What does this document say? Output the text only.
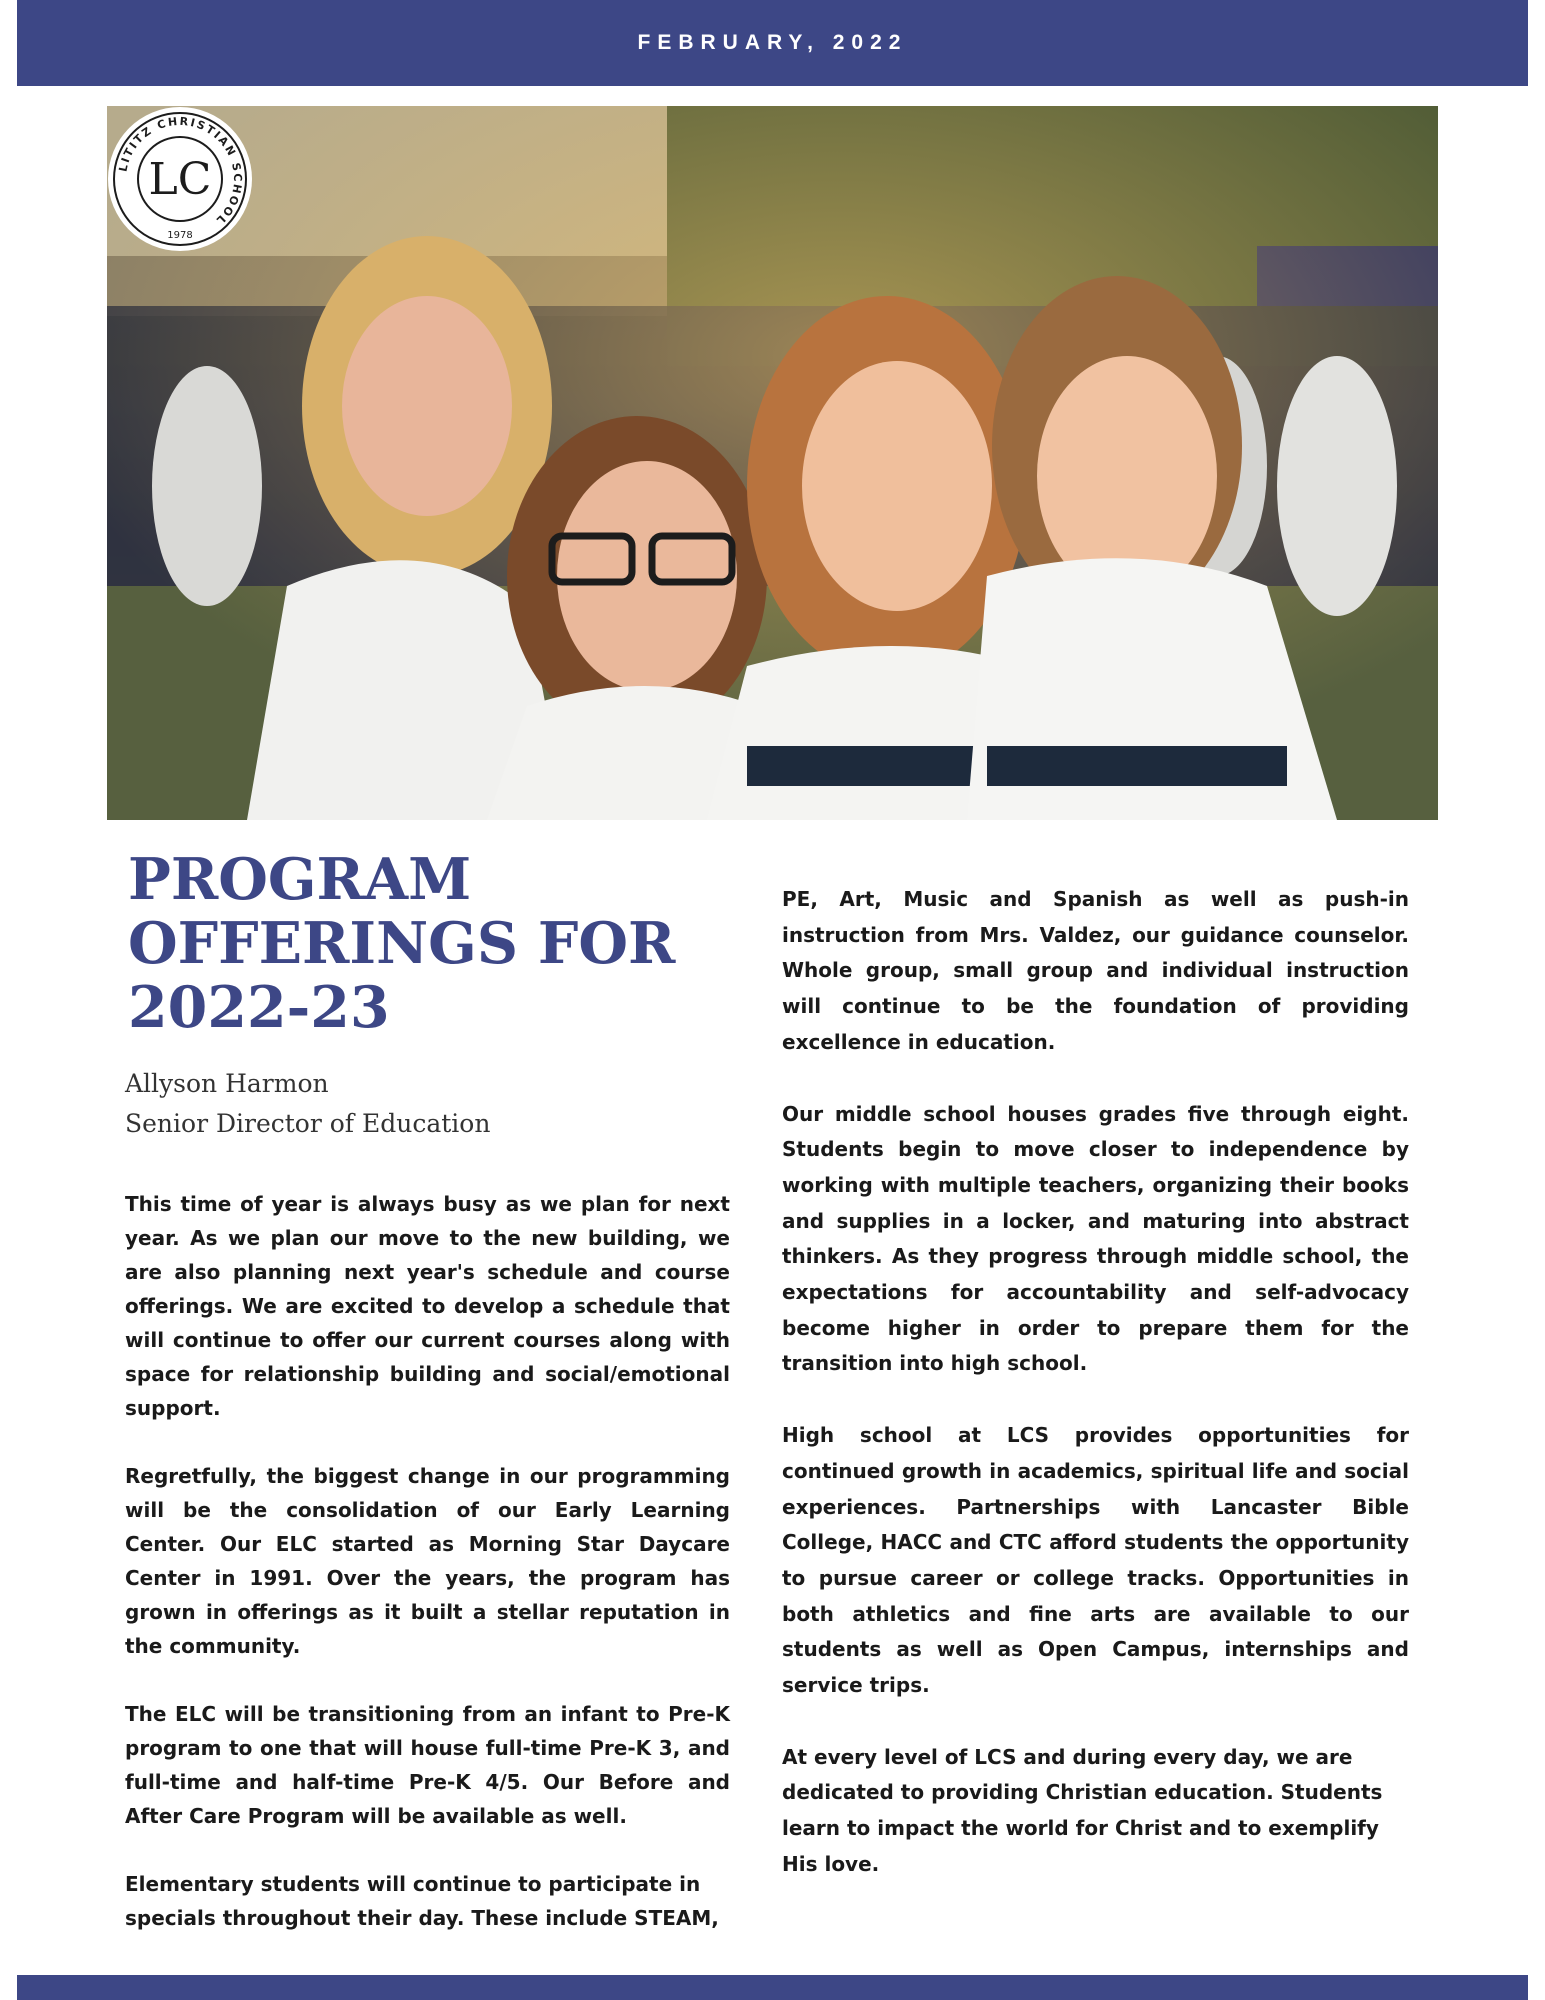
FEBRUARY, 2022
LITITZ CHRISTIAN SCHOOL
LC
1978
PROGRAM
OFFERINGS FOR
2022-23
Allyson Harmon
Senior Director of Education

This time of year is always busy as we plan for next year. As we plan our move to the new building, we are also planning next year's schedule and course offerings. We are excited to develop a schedule that will continue to offer our current courses along with space for relationship building and social/emotional support.

Regretfully, the biggest change in our programming will be the consolidation of our Early Learning Center. Our ELC started as Morning Star Daycare Center in 1991. Over the years, the program has grown in offerings as it built a stellar reputation in the community.

The ELC will be transitioning from an infant to Pre-K program to one that will house full-time Pre-K 3, and full-time and half-time Pre-K 4/5. Our Before and After Care Program will be available as well.

Elementary students will continue to participate in specials throughout their day. These include STEAM,

PE, Art, Music and Spanish as well as push-in instruction from Mrs. Valdez, our guidance counselor. Whole group, small group and individual instruction will continue to be the foundation of providing excellence in education.

Our middle school houses grades five through eight. Students begin to move closer to independence by working with multiple teachers, organizing their books and supplies in a locker, and maturing into abstract thinkers. As they progress through middle school, the expectations for accountability and self-advocacy become higher in order to prepare them for the transition into high school.

High school at LCS provides opportunities for continued growth in academics, spiritual life and social experiences. Partnerships with Lancaster Bible College, HACC and CTC afford students the opportunity to pursue career or college tracks. Opportunities in both athletics and fine arts are available to our students as well as Open Campus, internships and service trips.

At every level of LCS and during every day, we are dedicated to providing Christian education. Students learn to impact the world for Christ and to exemplify His love.
